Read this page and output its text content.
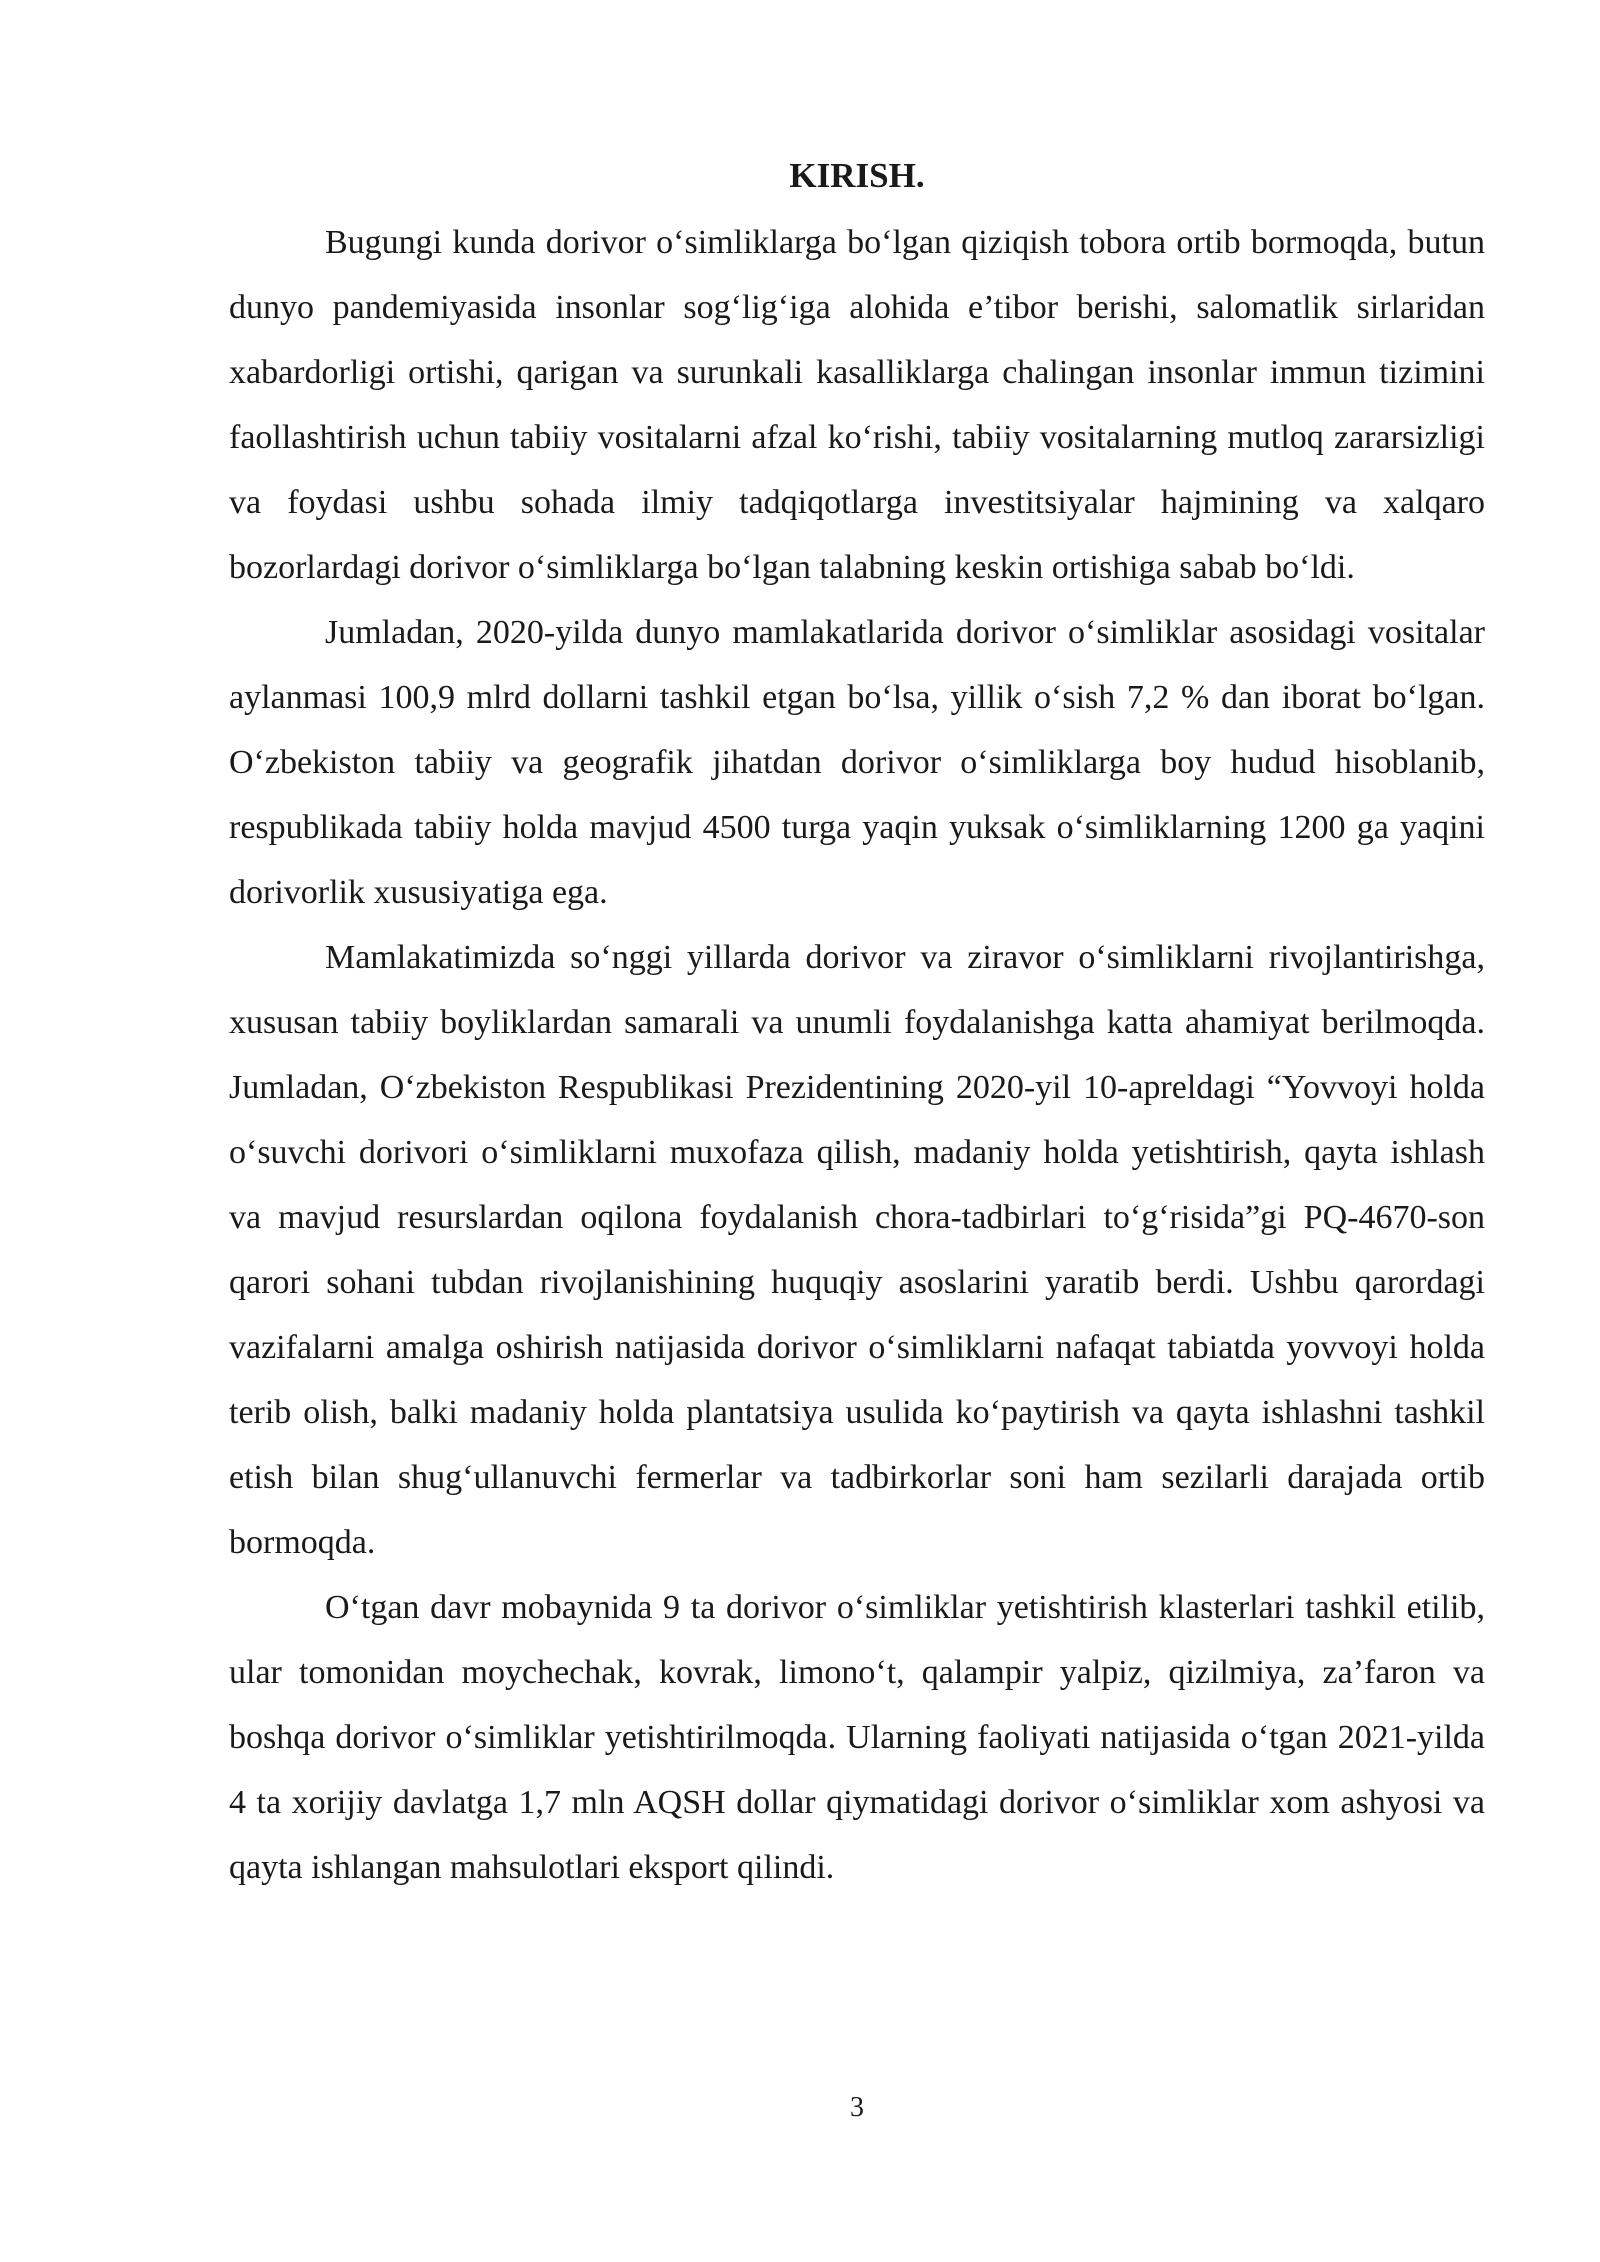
KIRISH.

Bugungi kunda dorivor o‘simliklarga bo‘lgan qiziqish tobora ortib bormoqda, butun dunyo pandemiyasida insonlar sog‘lig‘iga alohida e’tibor berishi, salomatlik sirlaridan xabardorligi ortishi, qarigan va surunkali kasalliklarga chalingan insonlar immun tizimini faollashtirish uchun tabiiy vositalarni afzal ko‘rishi, tabiiy vositalarning mutloq zararsizligi va foydasi ushbu sohada ilmiy tadqiqotlarga investitsiyalar hajmining va xalqaro bozorlardagi dorivor o‘simliklarga bo‘lgan talabning keskin ortishiga sabab bo‘ldi.

Jumladan, 2020-yilda dunyo mamlakatlarida dorivor o‘simliklar asosidagi vositalar aylanmasi 100,9 mlrd dollarni tashkil etgan bo‘lsa, yillik o‘sish 7,2 % dan iborat bo‘lgan. O‘zbekiston tabiiy va geografik jihatdan dorivor o‘simliklarga boy hudud hisoblanib, respublikada tabiiy holda mavjud 4500 turga yaqin yuksak o‘simliklarning 1200 ga yaqini dorivorlik xususiyatiga ega.

Mamlakatimizda so‘nggi yillarda dorivor va ziravor o‘simliklarni rivojlantirishga, xususan tabiiy boyliklardan samarali va unumli foydalanishga katta ahamiyat berilmoqda. Jumladan, O‘zbekiston Respublikasi Prezidentining 2020-yil 10-apreldagi “Yovvoyi holda o‘suvchi dorivori o‘simliklarni muxofaza qilish, madaniy holda yetishtirish, qayta ishlash va mavjud resurslardan oqilona foydalanish chora-tadbirlari to‘g‘risida”gi PQ-4670-son qarori sohani tubdan rivojlanishining huquqiy asoslarini yaratib berdi. Ushbu qarordagi vazifalarni amalga oshirish natijasida dorivor o‘simliklarni nafaqat tabiatda yovvoyi holda terib olish, balki madaniy holda plantatsiya usulida ko‘paytirish va qayta ishlashni tashkil etish bilan shug‘ullanuvchi fermerlar va tadbirkorlar soni ham sezilarli darajada ortib bormoqda.

O‘tgan davr mobaynida 9 ta dorivor o‘simliklar yetishtirish klasterlari tashkil etilib, ular tomonidan moychechak, kovrak, limono‘t, qalampir yalpiz, qizilmiya, za’faron va boshqa dorivor o‘simliklar yetishtirilmoqda. Ularning faoliyati natijasida o‘tgan 2021-yilda 4 ta xorijiy davlatga 1,7 mln AQSH dollar qiymatidagi dorivor o‘simliklar xom ashyosi va qayta ishlangan mahsulotlari eksport qilindi.

3
